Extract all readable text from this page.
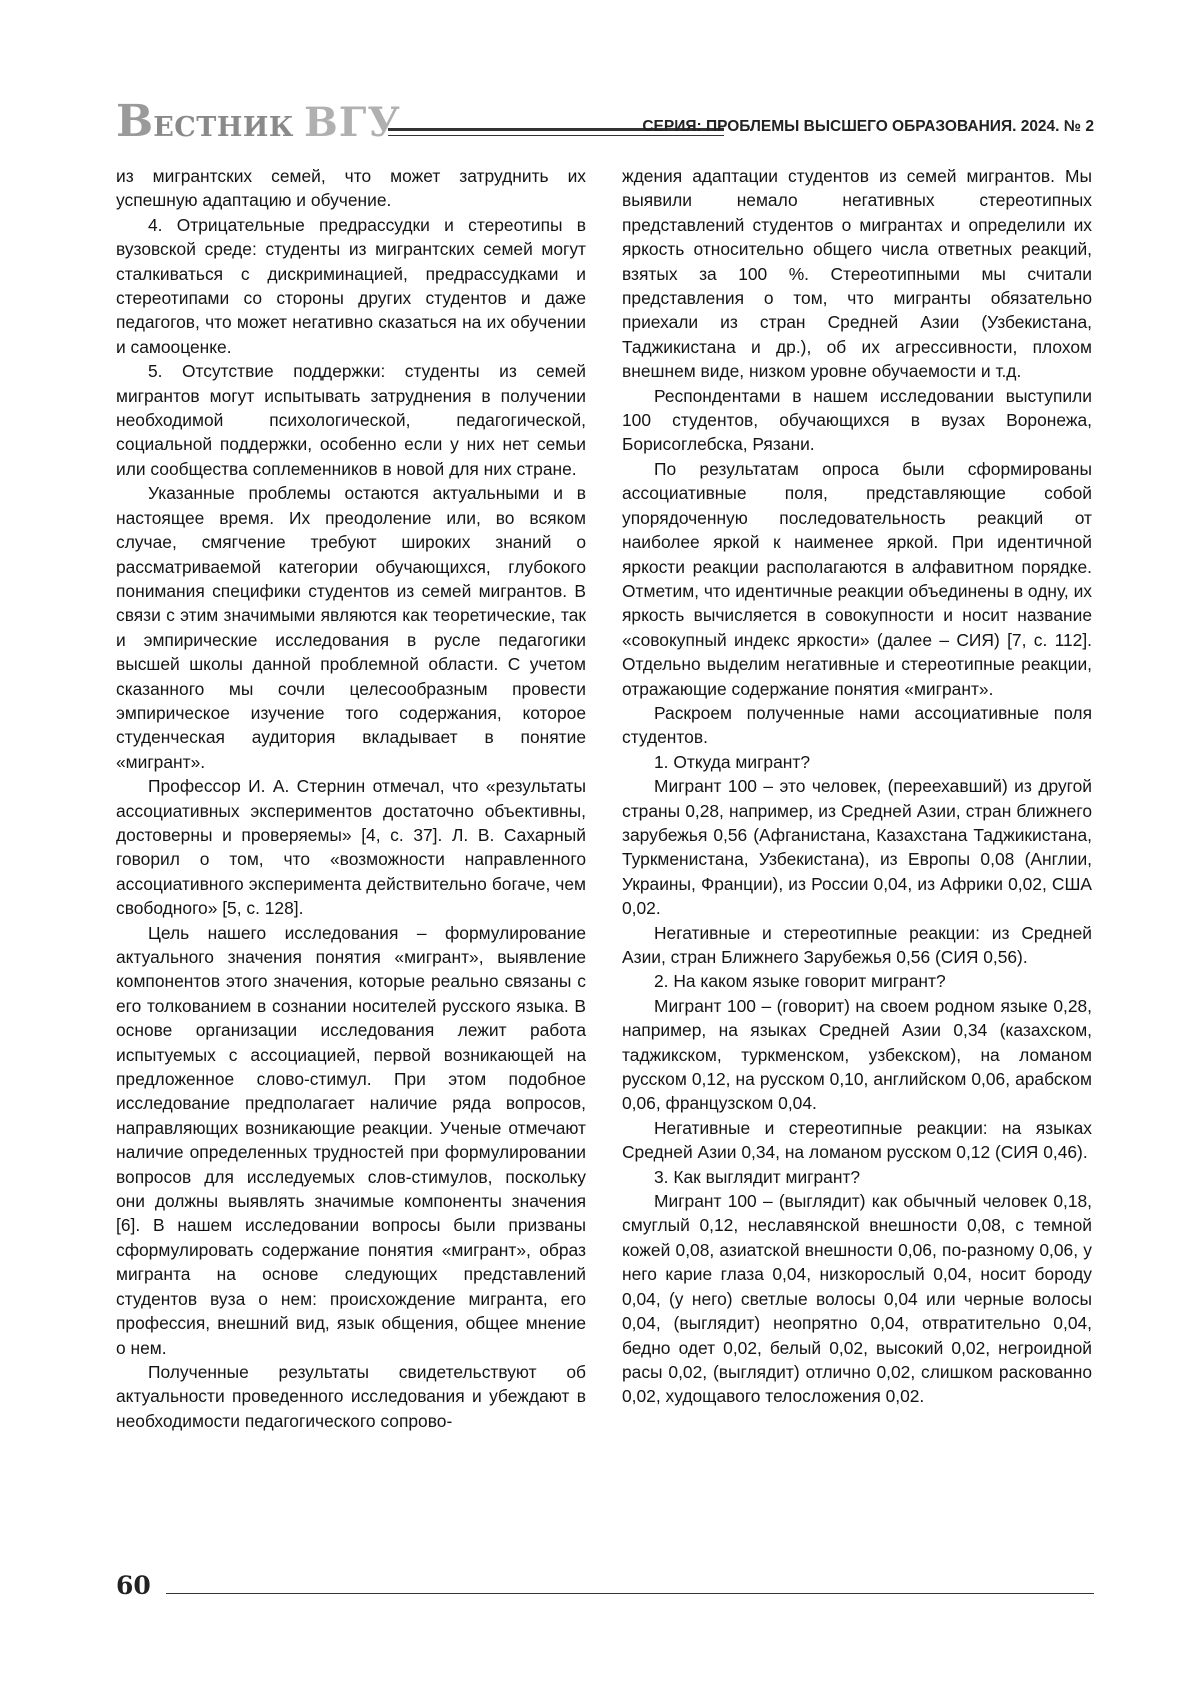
ВЕСТНИК ВГУ	СЕРИЯ: ПРОБЛЕМЫ ВЫСШЕГО ОБРАЗОВАНИЯ. 2024. № 2

из мигрантских семей, что может затруднить их успешную адаптацию и обучение.

4. Отрицательные предрассудки и стереотипы в вузовской среде: студенты из мигрантских семей могут сталкиваться с дискриминацией, предрассудками и стереотипами со стороны других студентов и даже педагогов, что может негативно сказаться на их обучении и самооценке.

5. Отсутствие поддержки: студенты из семей мигрантов могут испытывать затруднения в получении необходимой психологической, педагогической, социальной поддержки, особенно если у них нет семьи или сообщества соплеменников в новой для них стране.

Указанные проблемы остаются актуальными и в настоящее время. Их преодоление или, во всяком случае, смягчение требуют широких знаний о рассматриваемой категории обучающихся, глубокого понимания специфики студентов из семей мигрантов. В связи с этим значимыми являются как теоретические, так и эмпирические исследования в русле педагогики высшей школы данной проблемной области. С учетом сказанного мы сочли целесообразным провести эмпирическое изучение того содержания, которое студенческая аудитория вкладывает в понятие «мигрант».

Профессор И. А. Стернин отмечал, что «результаты ассоциативных экспериментов достаточно объективны, достоверны и проверяемы» [4, с. 37]. Л. В. Сахарный говорил о том, что «возможности направленного ассоциативного эксперимента действительно богаче, чем свободного» [5, с. 128].

Цель нашего исследования – формулирование актуального значения понятия «мигрант», выявление компонентов этого значения, которые реально связаны с его толкованием в сознании носителей русского языка. В основе организации исследования лежит работа испытуемых с ассоциацией, первой возникающей на предложенное слово-стимул. При этом подобное исследование предполагает наличие ряда вопросов, направляющих возникающие реакции. Ученые отмечают наличие определенных трудностей при формулировании вопросов для исследуемых слов-стимулов, поскольку они должны выявлять значимые компоненты значения [6]. В нашем исследовании вопросы были призваны сформулировать содержание понятия «мигрант», образ мигранта на основе следующих представлений студентов вуза о нем: происхождение мигранта, его профессия, внешний вид, язык общения, общее мнение о нем.

Полученные результаты свидетельствуют об актуальности проведенного исследования и убеждают в необходимости педагогического сопрово-

ждения адаптации студентов из семей мигрантов. Мы выявили немало негативных стереотипных представлений студентов о мигрантах и определили их яркость относительно общего числа ответных реакций, взятых за 100 %. Стереотипными мы считали представления о том, что мигранты обязательно приехали из стран Средней Азии (Узбекистана, Таджикистана и др.), об их агрессивности, плохом внешнем виде, низком уровне обучаемости и т.д.

Респондентами в нашем исследовании выступили 100 студентов, обучающихся в вузах Воронежа, Борисоглебска, Рязани.

По результатам опроса были сформированы ассоциативные поля, представляющие собой упорядоченную последовательность реакций от наиболее яркой к наименее яркой. При идентичной яркости реакции располагаются в алфавитном порядке. Отметим, что идентичные реакции объединены в одну, их яркость вычисляется в совокупности и носит название «совокупный индекс яркости» (далее – СИЯ) [7, с. 112]. Отдельно выделим негативные и стереотипные реакции, отражающие содержание понятия «мигрант».

Раскроем полученные нами ассоциативные поля студентов.

1. Откуда мигрант?

Мигрант 100 – это человек, (переехавший) из другой страны 0,28, например, из Средней Азии, стран ближнего зарубежья 0,56 (Афганистана, Казахстана Таджикистана, Туркменистана, Узбекистана), из Европы 0,08 (Англии, Украины, Франции), из России 0,04, из Африки 0,02, США 0,02.

Негативные и стереотипные реакции: из Средней Азии, стран Ближнего Зарубежья 0,56 (СИЯ 0,56).

2. На каком языке говорит мигрант?

Мигрант 100 – (говорит) на своем родном языке 0,28, например, на языках Средней Азии 0,34 (казахском, таджикском, туркменском, узбекском), на ломаном русском 0,12, на русском 0,10, английском 0,06, арабском 0,06, французском 0,04.

Негативные и стереотипные реакции: на языках Средней Азии 0,34, на ломаном русском 0,12 (СИЯ 0,46).

3. Как выглядит мигрант?

Мигрант 100 – (выглядит) как обычный человек 0,18, смуглый 0,12, неславянской внешности 0,08, с темной кожей 0,08, азиатской внешности 0,06, по-разному 0,06, у него карие глаза 0,04, низкорослый 0,04, носит бороду 0,04, (у него) светлые волосы 0,04 или черные волосы 0,04, (выглядит) неопрятно 0,04, отвратительно 0,04, бедно одет 0,02, белый 0,02, высокий 0,02, негроидной расы 0,02, (выглядит) отлично 0,02, слишком раскованно 0,02, худощавого телосложения 0,02.

60
